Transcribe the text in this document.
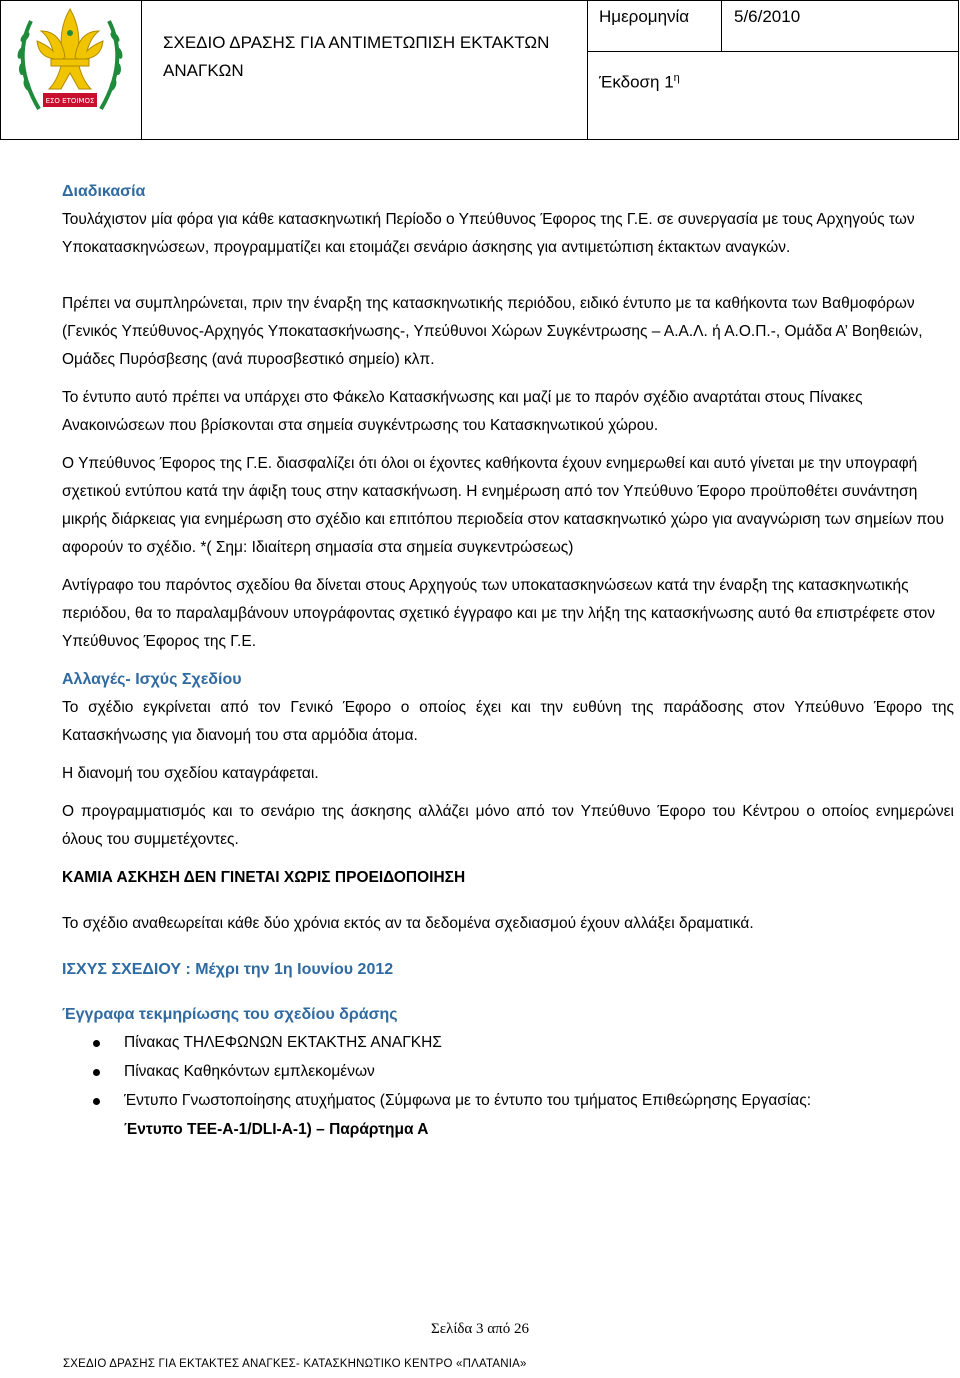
ΕΣΟ ΕΤΟΙΜΟΣ

ΣΧΕΔΙΟ ΔΡΑΣΗΣ ΓΙΑ ΑΝΤΙΜΕΤΩΠΙΣΗ ΕΚΤΑΚΤΩΝ ΑΝΑΓΚΩΝ

Ημερομηνία	5/6/2010

Έκδοση $1^\eta$

Διαδικασία

Τουλάχιστον μία φόρα για κάθε κατασκηνωτική Περίοδο ο Υπεύθυνος Έφορος της Γ.Ε. σε συνεργασία με τους Αρχηγούς των Υποκατασκηνώσεων, προγραμματίζει και ετοιμάζει σενάριο άσκησης για αντιμετώπιση έκτακτων αναγκών.

Πρέπει να συμπληρώνεται, πριν την έναρξη της κατασκηνωτικής περιόδου, ειδικό έντυπο με τα καθήκοντα των Βαθμοφόρων (Γενικός Υπεύθυνος-Αρχηγός Υποκατασκήνωσης-, Υπεύθυνοι Χώρων Συγκέντρωσης – Α.Α.Λ. ή Α.Ο.Π.-, Ομάδα Α’ Βοηθειών, Ομάδες Πυρόσβεσης (ανά πυροσβεστικό σημείο) κλπ.

Το έντυπο αυτό πρέπει να υπάρχει στο Φάκελο Κατασκήνωσης και μαζί με το παρόν σχέδιο αναρτάται στους Πίνακες Ανακοινώσεων που βρίσκονται στα σημεία συγκέντρωσης του Κατασκηνωτικού χώρου.

Ο Υπεύθυνος Έφορος της Γ.Ε. διασφαλίζει ότι όλοι οι έχοντες καθήκοντα έχουν ενημερωθεί και αυτό γίνεται με την υπογραφή σχετικού εντύπου κατά την άφιξη τους στην κατασκήνωση. Η ενημέρωση από τον Υπεύθυνο Έφορο προϋποθέτει συνάντηση μικρής διάρκειας για ενημέρωση στο σχέδιο και επιτόπου περιοδεία στον κατασκηνωτικό χώρο για αναγνώριση των σημείων που αφορούν το σχέδιο. *( Σημ: Ιδιαίτερη σημασία στα σημεία συγκεντρώσεως)

Αντίγραφο του παρόντος σχεδίου θα δίνεται στους Αρχηγούς των υποκατασκηνώσεων κατά την έναρξη της κατασκηνωτικής περιόδου, θα το παραλαμβάνουν υπογράφοντας σχετικό έγγραφο και με την λήξη της κατασκήνωσης αυτό θα επιστρέφετε στον Υπεύθυνος Έφορος της Γ.Ε.

Αλλαγές- Ισχύς Σχεδίου

Το σχέδιο εγκρίνεται από τον Γενικό Έφορο ο οποίος έχει και την ευθύνη της παράδοσης στον Υπεύθυνο Έφορο της Κατασκήνωσης για διανομή του στα αρμόδια άτομα.

Η διανομή του σχεδίου καταγράφεται.

Ο προγραμματισμός και το σενάριο της άσκησης αλλάζει μόνο από τον Υπεύθυνο Έφορο του Κέντρου ο οποίος ενημερώνει όλους του συμμετέχοντες.

ΚΑΜΙΑ ΑΣΚΗΣΗ ΔΕΝ ΓΙΝΕΤΑΙ ΧΩΡΙΣ ΠΡΟΕΙΔΟΠΟΙΗΣΗ

Το σχέδιο αναθεωρείται κάθε δύο χρόνια εκτός αν τα δεδομένα σχεδιασμού έχουν αλλάξει δραματικά.

ΙΣΧΥΣ ΣΧΕΔΙΟΥ : Μέχρι την 1η Ιουνίου 2012

Έγγραφα τεκμηρίωσης του σχεδίου δράσης

Πίνακας ΤΗΛΕΦΩΝΩΝ ΕΚΤΑΚΤΗΣ ΑΝΑΓΚΗΣ
Πίνακας Καθηκόντων εμπλεκομένων
Έντυπο Γνωστοποίησης ατυχήματος (Σύμφωνα με το έντυπο του τμήματος Επιθεώρησης Εργασίας:
Έντυπο ΤΕΕ-Α-1/DLI-Α-1) – Παράρτημα Α
Σελίδα 3 από 26
ΣΧΕΔΙΟ ΔΡΑΣΗΣ ΓΙΑ ΕΚΤΑΚΤΕΣ ΑΝΑΓΚΕΣ- ΚΑΤΑΣΚΗΝΩΤΙΚΟ ΚΕΝΤΡΟ «ΠΛΑΤΑΝΙΑ»
